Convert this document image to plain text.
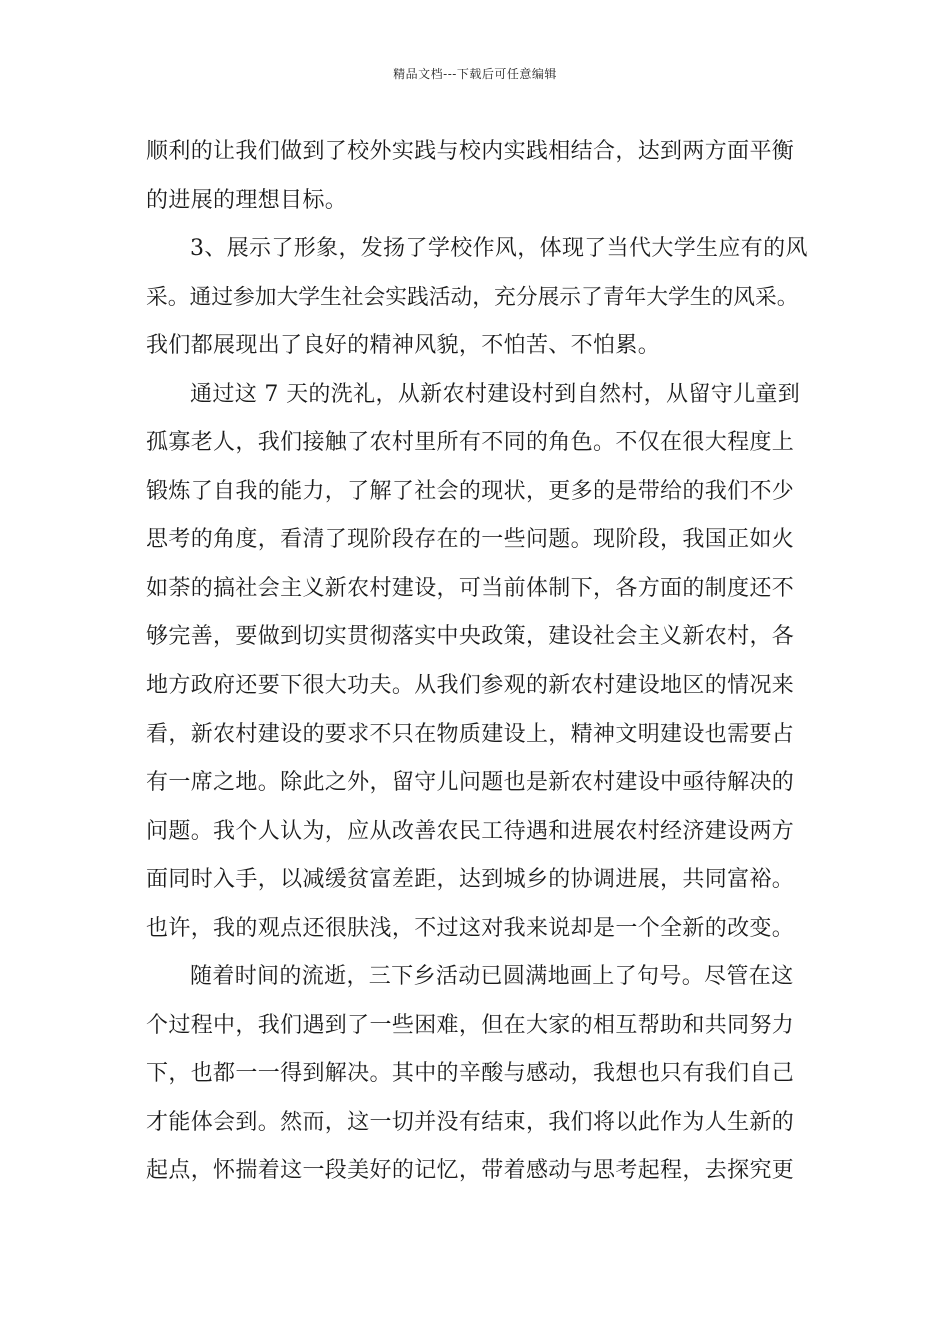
精品文档---下载后可任意编辑
顺利的让我们做到了校外实践与校内实践相结合，达到两方面平衡
的进展的理想目标。
3、展示了形象，发扬了学校作风，体现了当代大学生应有的风
采。通过参加大学生社会实践活动，充分展示了青年大学生的风采。
我们都展现出了良好的精神风貌，不怕苦、不怕累。
通过这 7 天的洗礼，从新农村建设村到自然村，从留守儿童到
孤寡老人，我们接触了农村里所有不同的角色。不仅在很大程度上
锻炼了自我的能力，了解了社会的现状，更多的是带给的我们不少
思考的角度，看清了现阶段存在的一些问题。现阶段，我国正如火
如荼的搞社会主义新农村建设，可当前体制下，各方面的制度还不
够完善，要做到切实贯彻落实中央政策，建设社会主义新农村，各
地方政府还要下很大功夫。从我们参观的新农村建设地区的情况来
看，新农村建设的要求不只在物质建设上，精神文明建设也需要占
有一席之地。除此之外，留守儿问题也是新农村建设中亟待解决的
问题。我个人认为，应从改善农民工待遇和进展农村经济建设两方
面同时入手，以减缓贫富差距，达到城乡的协调进展，共同富裕。
也许，我的观点还很肤浅，不过这对我来说却是一个全新的改变。
随着时间的流逝，三下乡活动已圆满地画上了句号。尽管在这
个过程中，我们遇到了一些困难，但在大家的相互帮助和共同努力
下，也都一一得到解决。其中的辛酸与感动，我想也只有我们自己
才能体会到。然而，这一切并没有结束，我们将以此作为人生新的
起点，怀揣着这一段美好的记忆，带着感动与思考起程，去探究更
